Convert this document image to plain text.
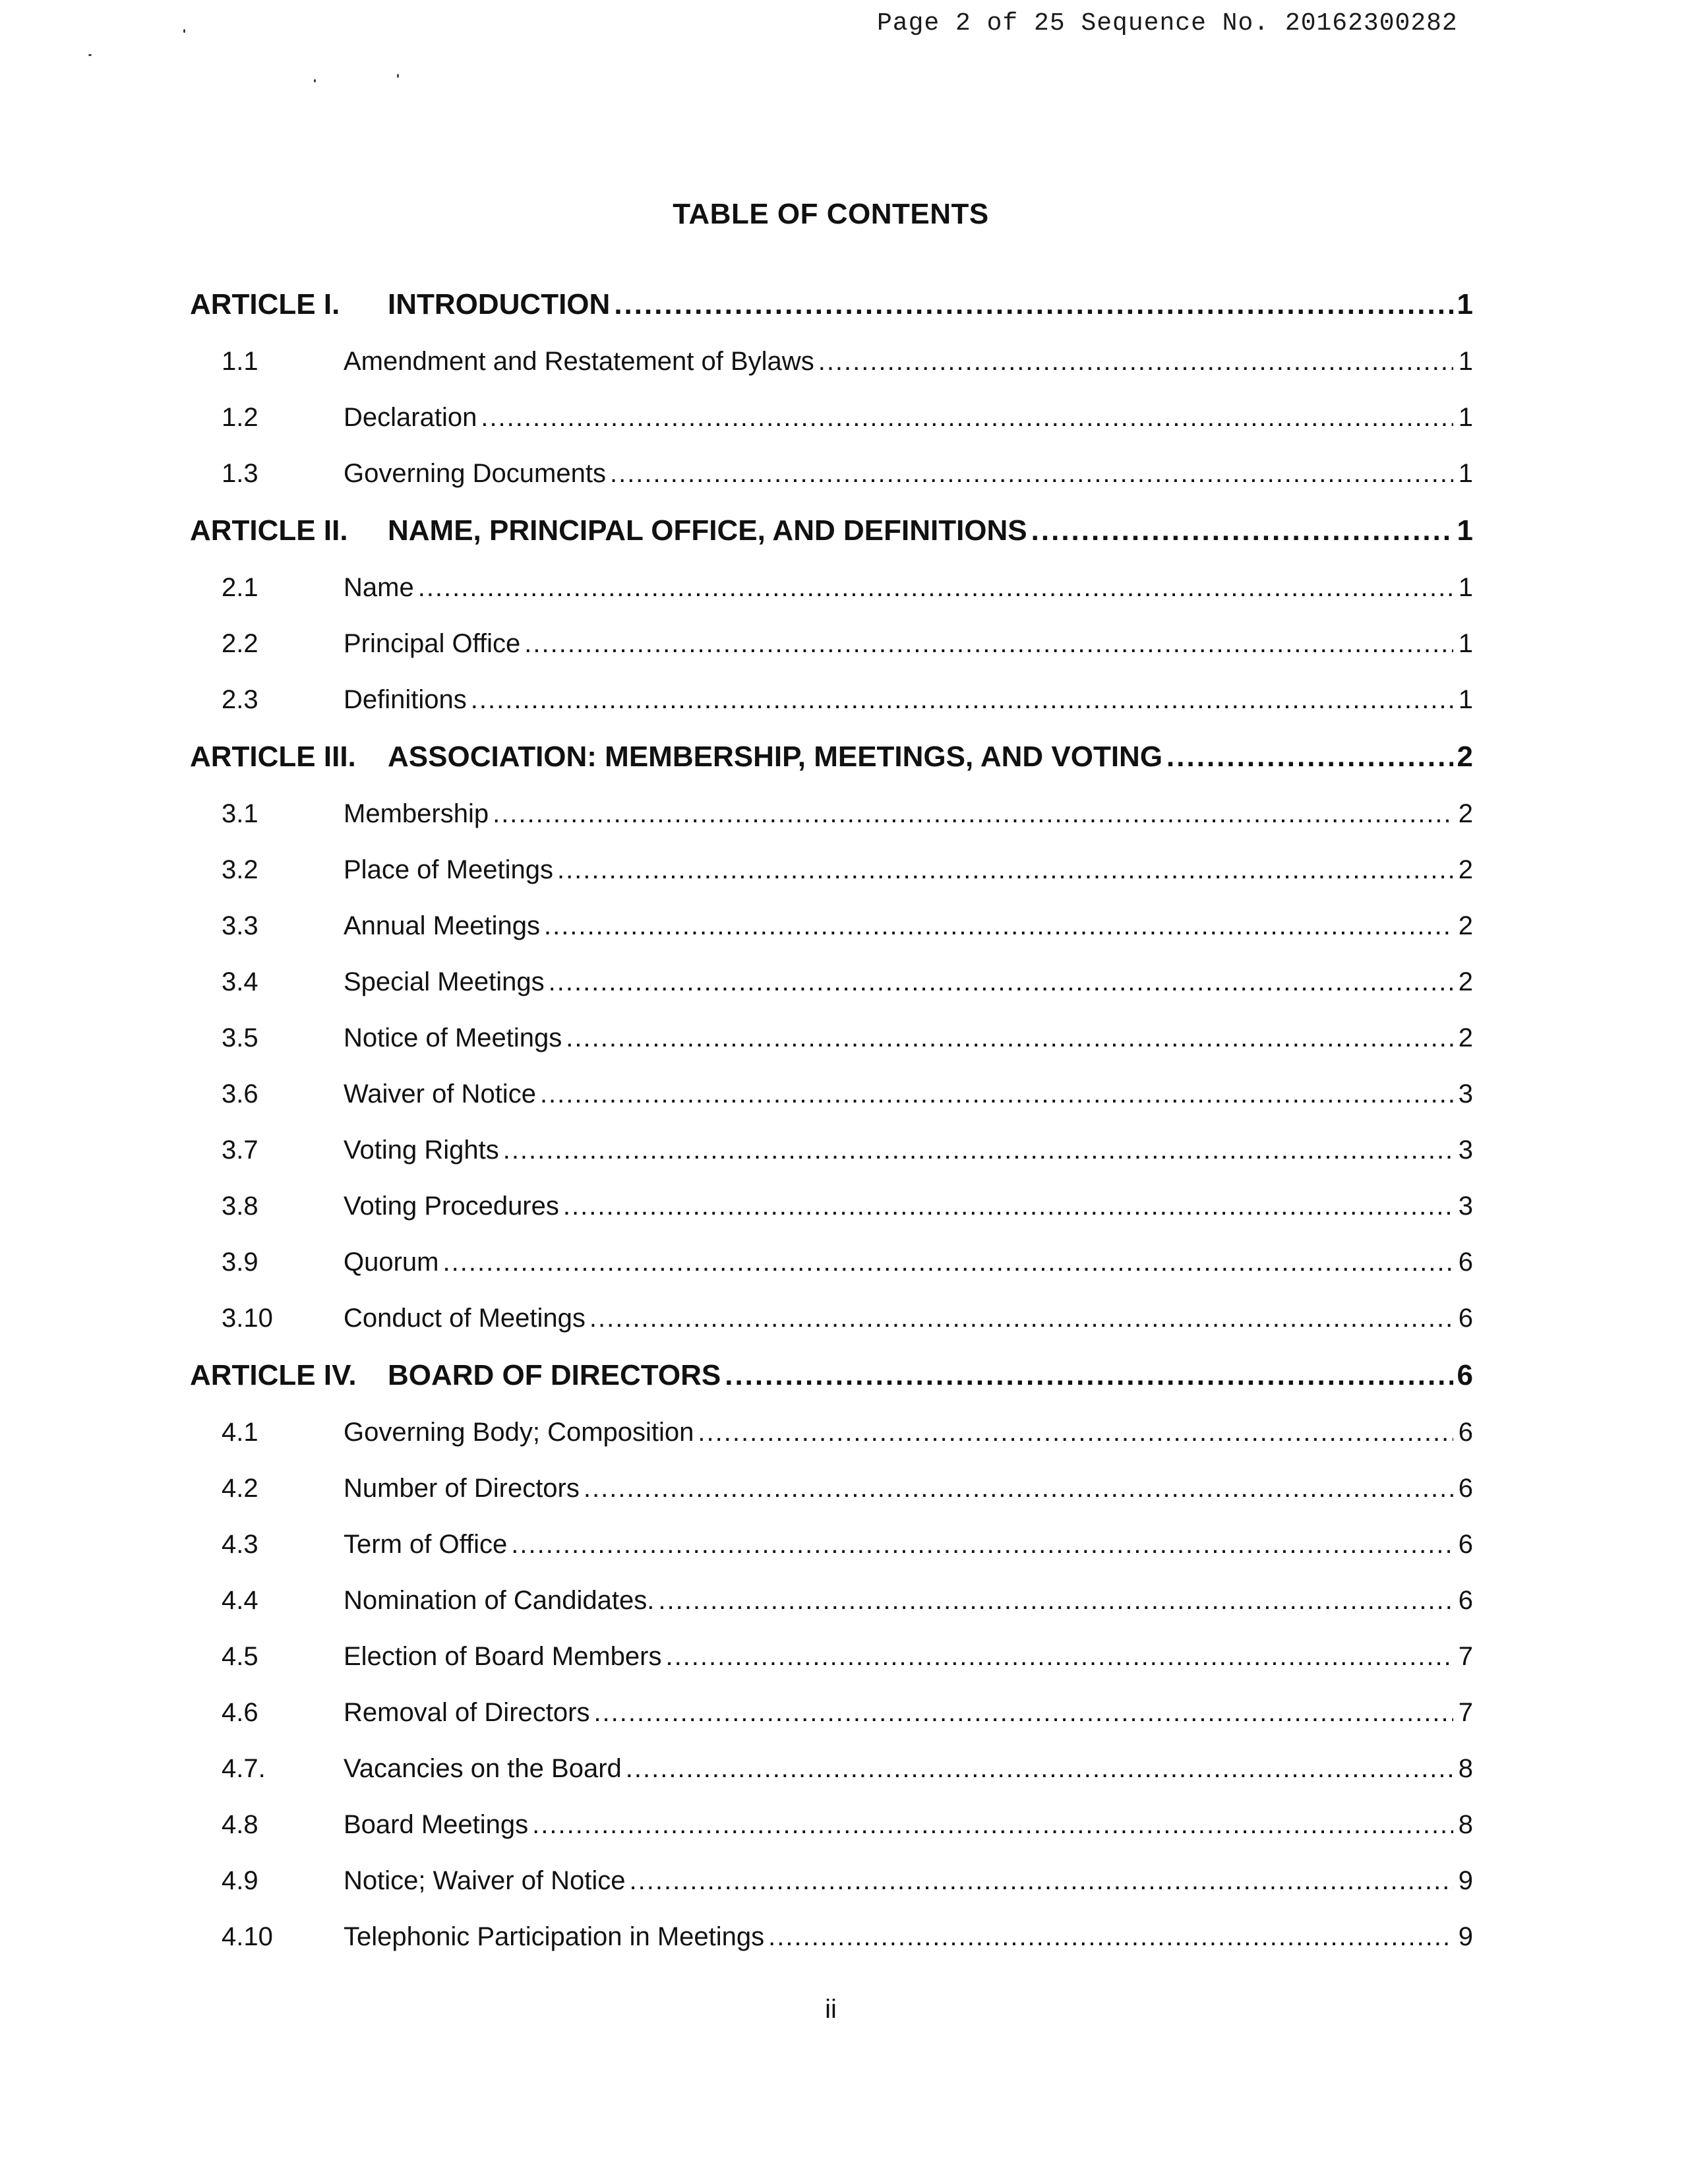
Page 2 of 25 Sequence No. 20162300282
TABLE OF CONTENTS
ARTICLE I.	INTRODUCTION .....	1
1.1	Amendment and Restatement of Bylaws .....	1
1.2	Declaration .....	1
1.3	Governing Documents .....	1
ARTICLE II.	NAME, PRINCIPAL OFFICE, AND DEFINITIONS .....	1
2.1	Name .....	1
2.2	Principal Office .....	1
2.3	Definitions .....	1
ARTICLE III.	ASSOCIATION: MEMBERSHIP, MEETINGS, AND VOTING .....	2
3.1	Membership .....	2
3.2	Place of Meetings .....	2
3.3	Annual Meetings .....	2
3.4	Special Meetings .....	2
3.5	Notice of Meetings .....	2
3.6	Waiver of Notice .....	3
3.7	Voting Rights .....	3
3.8	Voting Procedures .....	3
3.9	Quorum .....	6
3.10	Conduct of Meetings .....	6
ARTICLE IV.	BOARD OF DIRECTORS .....	6
4.1	Governing Body; Composition .....	6
4.2	Number of Directors .....	6
4.3	Term of Office .....	6
4.4	Nomination of Candidates. .....	6
4.5	Election of Board Members .....	7
4.6	Removal of Directors .....	7
4.7.	Vacancies on the Board .....	8
4.8	Board Meetings .....	8
4.9	Notice; Waiver of Notice .....	9
4.10	Telephonic Participation in Meetings .....	9
ii
